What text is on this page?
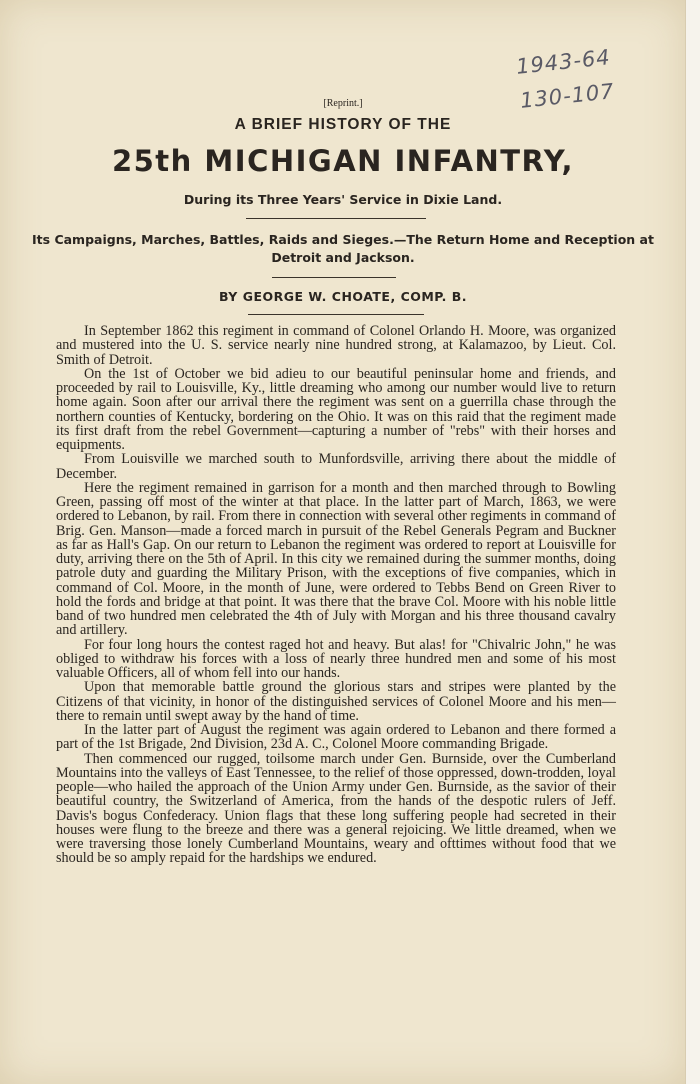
1943-64
130-107
[Reprint.]
A BRIEF HISTORY OF THE
25th MICHIGAN INFANTRY,
During its Three Years' Service in Dixie Land.
Its Campaigns, Marches, Battles, Raids and Sieges.—The Return Home and Reception at Detroit and Jackson.
BY GEORGE W. CHOATE, COMP. B.

In September 1862 this regiment in command of Colonel Orlando H. Moore, was organized and mustered into the U. S. service nearly nine hundred strong, at Kalamazoo, by Lieut. Col. Smith of Detroit.

On the 1st of October we bid adieu to our beautiful peninsular home and friends, and proceeded by rail to Louisville, Ky., little dreaming who among our number would live to return home again. Soon after our arrival there the regiment was sent on a guerrilla chase through the northern counties of Kentucky, bordering on the Ohio. It was on this raid that the regiment made its first draft from the rebel Government—capturing a number of "rebs" with their horses and equipments.

From Louisville we marched south to Munfordsville, arriving there about the middle of December.

Here the regiment remained in garrison for a month and then marched through to Bowling Green, passing off most of the winter at that place. In the latter part of March, 1863, we were ordered to Lebanon, by rail. From there in connection with several other regiments in command of Brig. Gen. Manson—made a forced march in pursuit of the Rebel Generals Pegram and Buckner as far as Hall's Gap. On our return to Lebanon the regiment was ordered to report at Louisville for duty, arriving there on the 5th of April. In this city we remained during the summer months, doing patrole duty and guarding the Military Prison, with the exceptions of five companies, which in command of Col. Moore, in the month of June, were ordered to Tebbs Bend on Green River to hold the fords and bridge at that point. It was there that the brave Col. Moore with his noble little band of two hundred men celebrated the 4th of July with Morgan and his three thousand cavalry and artillery.

For four long hours the contest raged hot and heavy. But alas! for "Chivalric John," he was obliged to withdraw his forces with a loss of nearly three hundred men and some of his most valuable Officers, all of whom fell into our hands.

Upon that memorable battle ground the glorious stars and stripes were planted by the Citizens of that vicinity, in honor of the distinguished services of Colonel Moore and his men—there to remain until swept away by the hand of time.

In the latter part of August the regiment was again ordered to Lebanon and there formed a part of the 1st Brigade, 2nd Division, 23d A. C., Colonel Moore commanding Brigade.

Then commenced our rugged, toilsome march under Gen. Burnside, over the Cumberland Mountains into the valleys of East Tennessee, to the relief of those oppressed, down-trodden, loyal people—who hailed the approach of the Union Army under Gen. Burnside, as the savior of their beautiful country, the Switzerland of America, from the hands of the despotic rulers of Jeff. Davis's bogus Confederacy. Union flags that these long suffering people had secreted in their houses were flung to the breeze and there was a general rejoicing. We little dreamed, when we were traversing those lonely Cumberland Mountains, weary and ofttimes without food that we should be so amply repaid for the hardships we endured.
